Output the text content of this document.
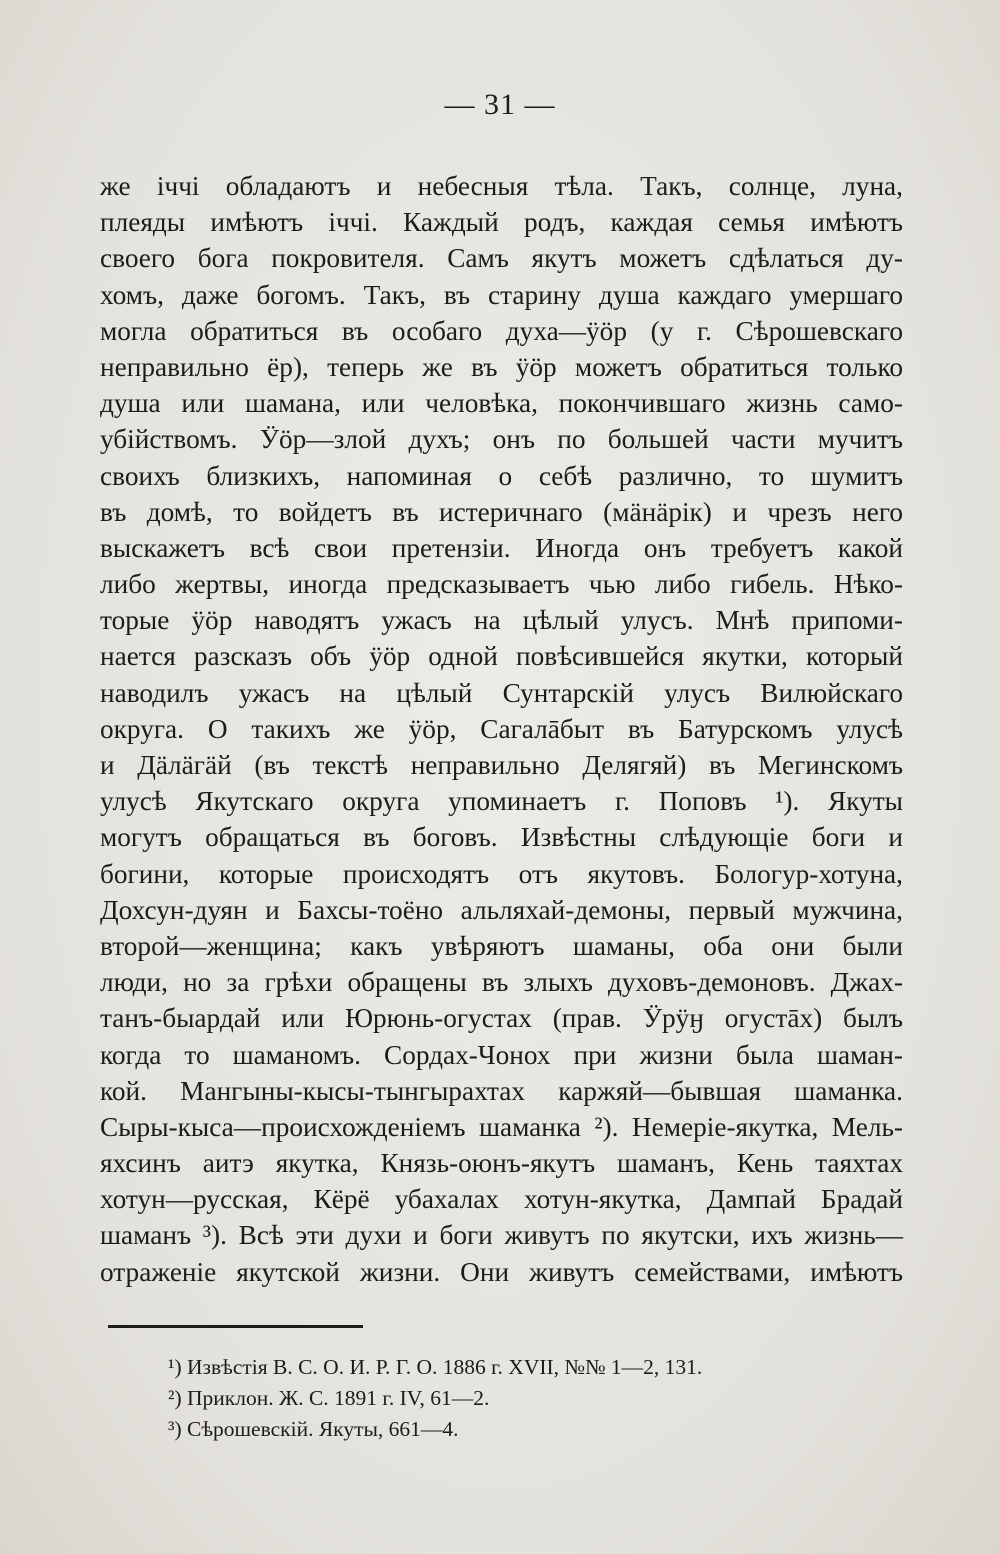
— 31 —
же іччі обладаютъ и небесныя тѣла. Такъ, солнце, луна,
плеяды имѣютъ іччі. Каждый родъ, каждая семья имѣютъ
своего бога покровителя. Самъ якутъ можетъ сдѣлаться ду-
хомъ, даже богомъ. Такъ, въ старину душа каждаго умершаго
могла обратиться въ особаго духа—ӱöр (у г. Сѣрошевскаго
неправильно ёр), теперь же въ ӱöр можетъ обратиться только
душа или шамана, или человѣка, покончившаго жизнь само-
убійствомъ. Ӱöр—злой духъ; онъ по большей части мучитъ
своихъ близкихъ, напоминая о себѣ различно, то шумитъ
въ домѣ, то войдетъ въ истеричнаго (мäнäрік) и чрезъ него
выскажетъ всѣ свои претензіи. Иногда онъ требуетъ какой
либо жертвы, иногда предсказываетъ чью либо гибель. Нѣко-
торые ӱöр наводятъ ужасъ на цѣлый улусъ. Мнѣ припоми-
нается разсказъ объ ӱöр одной повѣсившейся якутки, который
наводилъ ужасъ на цѣлый Сунтарскій улусъ Вилюйскаго
округа. О такихъ же ӱöр, Сагалāбыт въ Батурскомъ улусѣ
и Дäлäгäй (въ текстѣ неправильно Делягяй) въ Мегинскомъ
улусѣ Якутскаго округа упоминаетъ г. Поповъ ¹). Якуты
могутъ обращаться въ боговъ. Извѣстны слѣдующіе боги и
богини, которые происходятъ отъ якутовъ. Бологур-хотуна,
Дохсун-дуян и Бахсы-тоёно альляхай-демоны, первый мужчина,
второй—женщина; какъ увѣряютъ шаманы, оба они были
люди, но за грѣхи обращены въ злыхъ духовъ-демоновъ. Джах-
танъ-быардай или Юрюнь-огустах (прав. Ӱрӱӈ огустāх) былъ
когда то шаманомъ. Сордах-Чонох при жизни была шаман-
кой. Мангыны-кысы-тынгырахтах каржяй—бывшая шаманка.
Сыры-кыса—происхожденіемъ шаманка ²). Немеріе-якутка, Мель-
яхсинъ аитэ якутка, Князь-оюнъ-якутъ шаманъ, Кень таяхтах
хотун—русская, Кёрё убахалах хотун-якутка, Дампай Брадай
шаманъ ³). Всѣ эти духи и боги живутъ по якутски, ихъ жизнь—
отраженіе якутской жизни. Они живутъ семействами, имѣютъ
¹) Извѣстія В. С. О. И. Р. Г. О. 1886 г. XVII, №№ 1—2, 131.
²) Приклон. Ж. С. 1891 г. IV, 61—2.
³) Сѣрошевскій. Якуты, 661—4.
